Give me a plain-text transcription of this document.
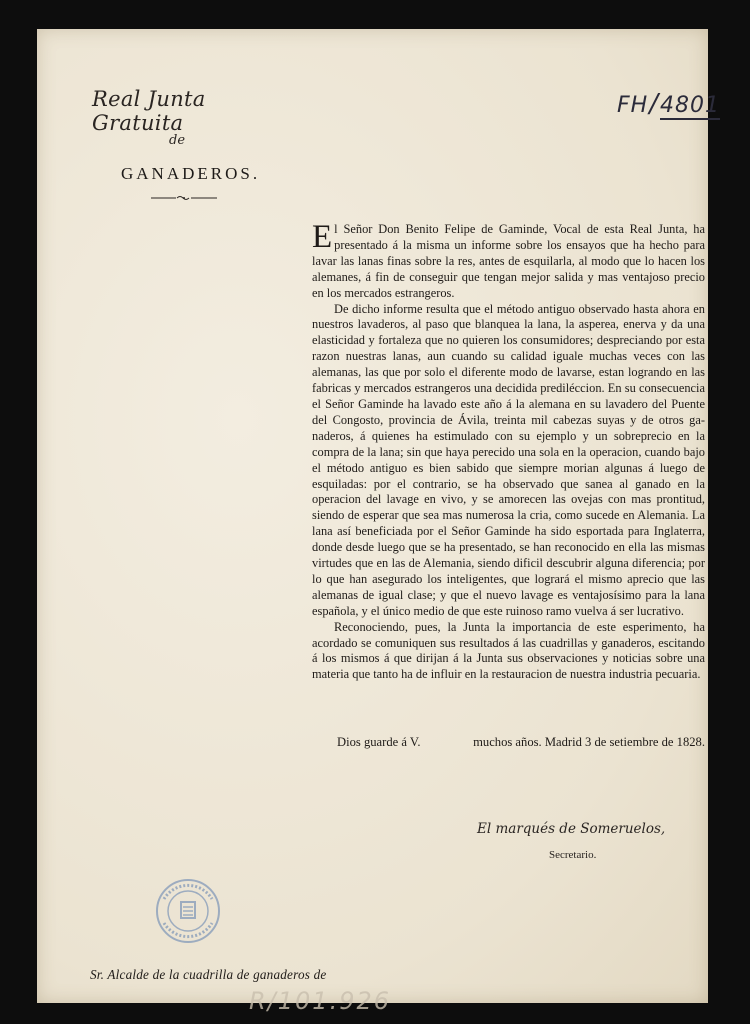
FH/4801
Real Junta Gratuita
de
GANADEROS.

El Señor Don Benito Felipe de Gaminde, Vocal de esta Real Junta, ha presentado á la misma un informe sobre los ensayos que ha hecho para lavar las lanas finas sobre la res, antes de esquilarla, al modo que lo hacen los alemanes, á fin de conseguir que tengan mejor salida y mas ventajoso precio en los mercados estrangeros.

De dicho informe resulta que el método antiguo observado hasta ahora en nuestros lavaderos, al paso que blanquea la lana, la asperea, enerva y da una elasticidad y fortaleza que no quieren los consumidores; despreciando por esta razon nuestras lanas, aun cuando su calidad iguale muchas veces con las alemanas, las que por solo el diferente modo de lavarse, estan logrando en las fabricas y mercados estrangeros una decidida prediléccion. En su consecuencia el Señor Gaminde ha lavado este año á la alemana en su lavadero del Puente del Congosto, provincia de Ávila, treinta mil cabezas suyas y de otros ganaderos, á quienes ha estimulado con su ejemplo y un sobreprecio en la compra de la lana; sin que haya perecido una sola en la operacion, cuando bajo el método antiguo es bien sabido que siempre morian algunas á luego de esquiladas: por el contrario, se ha observado que sanea al ganado en la operacion del lavage en vivo, y se amorecen las ovejas con mas prontitud, siendo de esperar que sea mas numerosa la cria, como sucede en Alemania. La lana así beneficiada por el Señor Gaminde ha sido esportada para Inglaterra, donde desde luego que se ha presentado, se han reconocido en ella las mismas virtudes que en las de Alemania, siendo dificil descubrir alguna diferencia; por lo que han asegurado los inteligentes, que logrará el mismo aprecio que las alemanas de igual clase; y que el nuevo lavage es ventajosísimo para la lana española, y el único medio de que este ruinoso ramo vuelva á ser lucrativo.

Reconociendo, pues, la Junta la importancia de este esperimento, ha acordado se comuniquen sus resultados á las cuadrillas y ganaderos, escitando á los mismos á que dirijan á la Junta sus observaciones y noticias sobre una materia que tanto ha de influir en la restauracion de nuestra industria pecuaria.

Dios guarde á V.	muchos años. Madrid 3 de setiembre de 1828.
El marqués de Someruelos,
Secretario.
Sr. Alcalde de la cuadrilla de ganaderos de
R/101.926
